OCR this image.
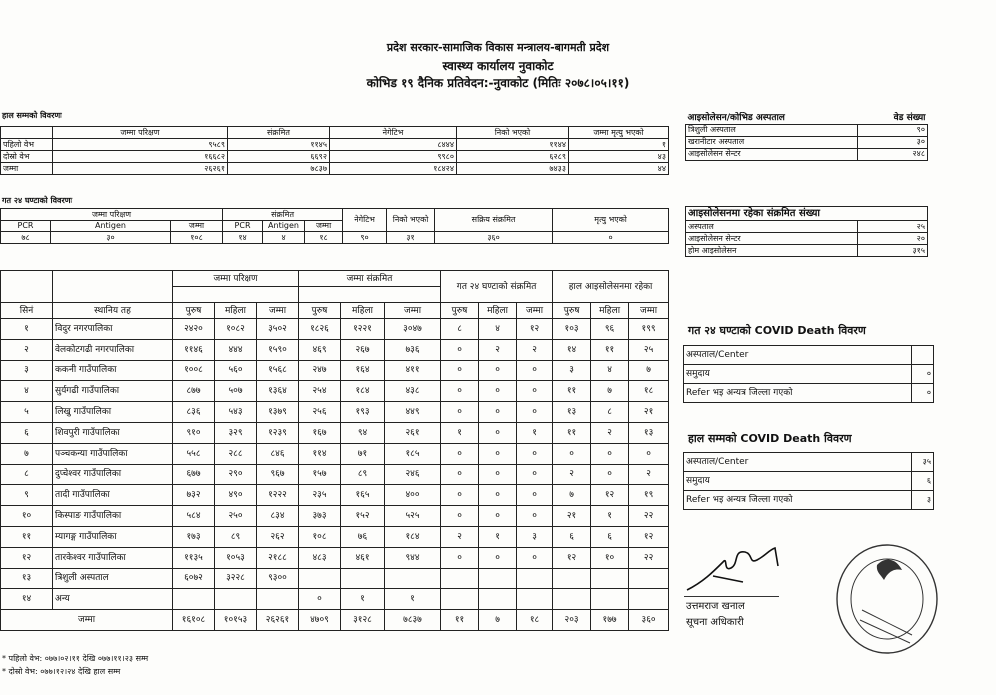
प्रदेश सरकार-सामाजिक विकास मन्त्रालय-बागमती प्रदेश
स्वास्थ्य कार्यालय नुवाकोट
कोभिड १९ दैनिक प्रतिवेदन:-नुवाकोट (मितिः २०७८।०५।११)
हाल सम्मको विवरणः
	जम्मा परिक्षण	संक्रमित	नेगेटिभ	निको भएको	जम्मा मृत्यु भएको
पहिलो वेभ	९५८९	११४५	८४४४	११४४	१
दोस्रो वेभ	१६६८२	६६९२	९९८०	६२८९	४३
जम्मा	२६२६१	७८३७	१८४२४	७४३३	४४
गत २४ घण्टाको विवरणः
जम्मा परिक्षण			संक्रमित			नेगेटिभ	निको भएको	सक्रिय संक्रमित	मृत्यु भएको
PCR	Antigen	जम्मा	PCR	Antigen	जम्मा				
७८	३०	१०८	१४	४	१८	९०	३१	३६०	०
आइसोलेसन/कोभिड अस्पताल	वेड संख्या
त्रिशुली अस्पताल	९०
खरानीटार अस्पताल	३०
आइसोलेसन सेन्टर	२४८
आइसोलेसनमा रहेका संक्रमित संख्या	
अस्पताल	२५
आइसोलेसन सेन्टर	२०
होम आइसोलेसन	३१५
		जम्मा परिक्षण			जम्मा संक्रमित			गत २४ घण्टाको संक्रमित			हाल आइसोलेसनमा रहेका		

सिनं	स्थानिय तह	पुरुष	महिला	जम्मा	पुरुष	महिला	जम्मा	पुरुष	महिला	जम्मा	पुरुष	महिला	जम्मा
१	विदुर नगरपालिका	२४२०	१०८२	३५०२	१८२६	१२२१	३०४७	८	४	१२	१०३	९६	१९९
२	वेलकोटगढी नगरपालिका	११४६	४४४	१५९०	४६९	२६७	७३६	०	२	२	१४	११	२५
३	ककनी गाउँपालिका	१००८	५६०	१५६८	२४७	१६४	४११	०	०	०	३	४	७
४	सुर्यगढी गाउँपालिका	८७७	५०७	१३६४	२५४	१८४	४३८	०	०	०	११	७	१८
५	लिखु गाउँपालिका	८३६	५४३	१३७९	२५६	१९३	४४९	०	०	०	१३	८	२१
६	शिवपुरी गाउँपालिका	९१०	३२९	१२३९	१६७	९४	२६१	१	०	१	११	२	१३
७	पञ्चकन्या गाउँपालिका	५५८	२८८	८४६	११४	७१	१८५	०	०	०	०	०	०
८	दुप्चेश्वर गाउँपालिका	६७७	२९०	९६७	१५७	८९	२४६	०	०	०	२	०	२
९	तादी गाउँपालिका	७३२	४९०	१२२२	२३५	१६५	४००	०	०	०	७	१२	१९
१०	किस्पाङ गाउँपालिका	५८४	२५०	८३४	३७३	१५२	५२५	०	०	०	२१	१	२२
११	म्यागङ्ग गाउँपालिका	१७३	८९	२६२	१०८	७६	१८४	२	१	३	६	६	१२
१२	तारकेश्वर गाउँपालिका	११३५	१०५३	२१८८	४८३	४६१	९४४	०	०	०	१२	१०	२२
१३	त्रिशुली अस्पताल	६०७२	३२२८	९३००									
१४	अन्य				०	१	१						
जम्मा		१६१०८	१०१५३	२६२६१	४७०९	३१२८	७८३७	११	७	१८	२०३	१७७	३६०
गत २४ घण्टाको COVID Death विवरण
अस्पताल/Center	
समुदाय	०
Refer भइ अन्यत्र जिल्ला गएको	०
हाल सम्मको COVID Death विवरण
अस्पताल/Center	३५
समुदाय	६
Refer भइ अन्यत्र जिल्ला गएको	३
उत्तमराज खनाल
सूचना अधिकारी
* पहिलो वेभ: ०७७।०२।११ देखि ०७७।११।२३ सम्म
* दोस्रो वेभ: ०७७।१२।२४ देखि हाल सम्म
